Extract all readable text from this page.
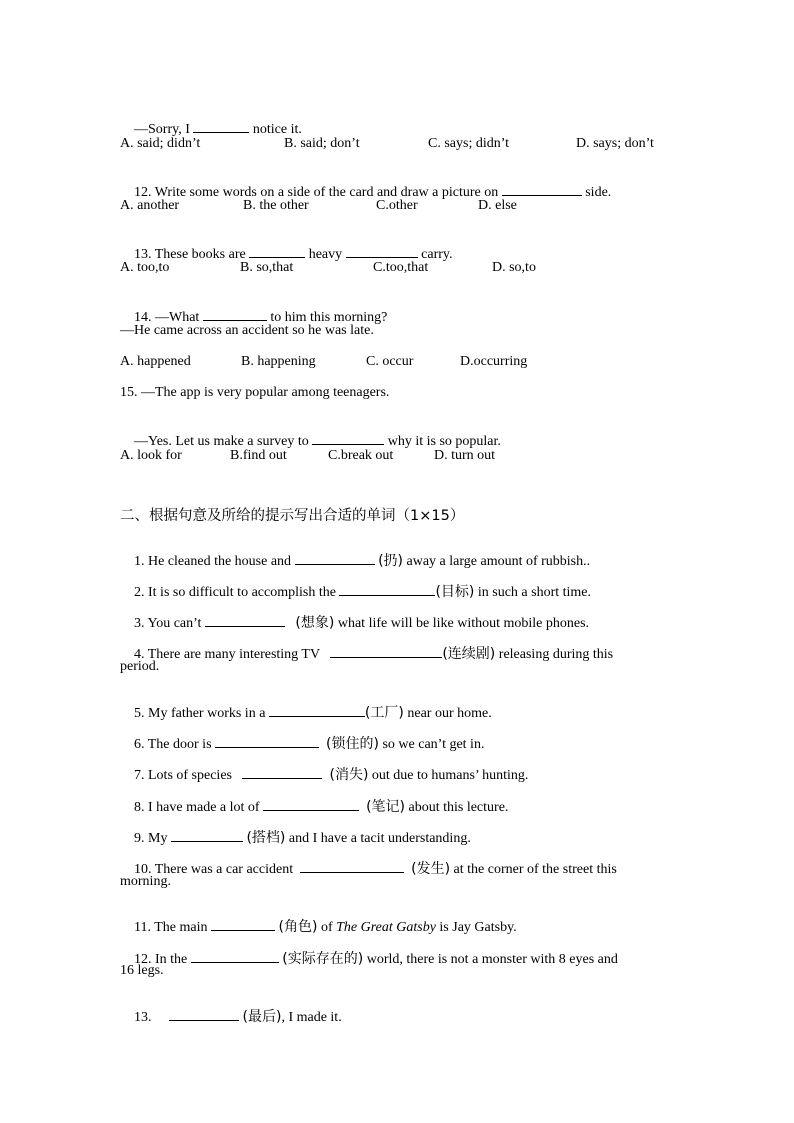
—Sorry, I	notice it.

A. said; didn’t	B. said; don’t	C. says; didn’t	D. says; don’t

12. Write some words on a side of the card and draw a picture on	side.

A. another	B. the other	C.other	D. else

13. These books are	heavy	carry.

A. too,to	B. so,that	C.too,that	D. so,to

14. —What	to him this morning?

—He came across an accident so he was late.
A. happened	B. happening	C. occur	D.occurring
15. —The app is very popular among teenagers.

—Yes. Let us make a survey to	why it is so popular.

A. look for	B.find out	C.break out	D. turn out
二、根据句意及所给的提示写出合适的单词（1×15）

1. He cleaned the house and	(扔) away a large amount of rubbish..

2. It is so difficult to accomplish the	(目标) in such a short time.

3. You can’t	(想象) what life will be like without mobile phones.

4. There are many interesting TV	(连续剧) releasing during this

period.

5. My father works in a	(工厂) near our home.

6. The door is	(锁住的) so we can’t get in.

7. Lots of species	(消失) out due to humans’ hunting.

8. I have made a lot of	(笔记) about this lecture.

9. My	(搭档) and I have a tacit understanding.

10. There was a car accident	(发生) at the corner of the street this

morning.

11. The main	(角色) of The Great Gatsby is Jay Gatsby.

12. In the	(实际存在的) world, there is not a monster with 8 eyes and

16 legs.

13.	(最后), I made it.
